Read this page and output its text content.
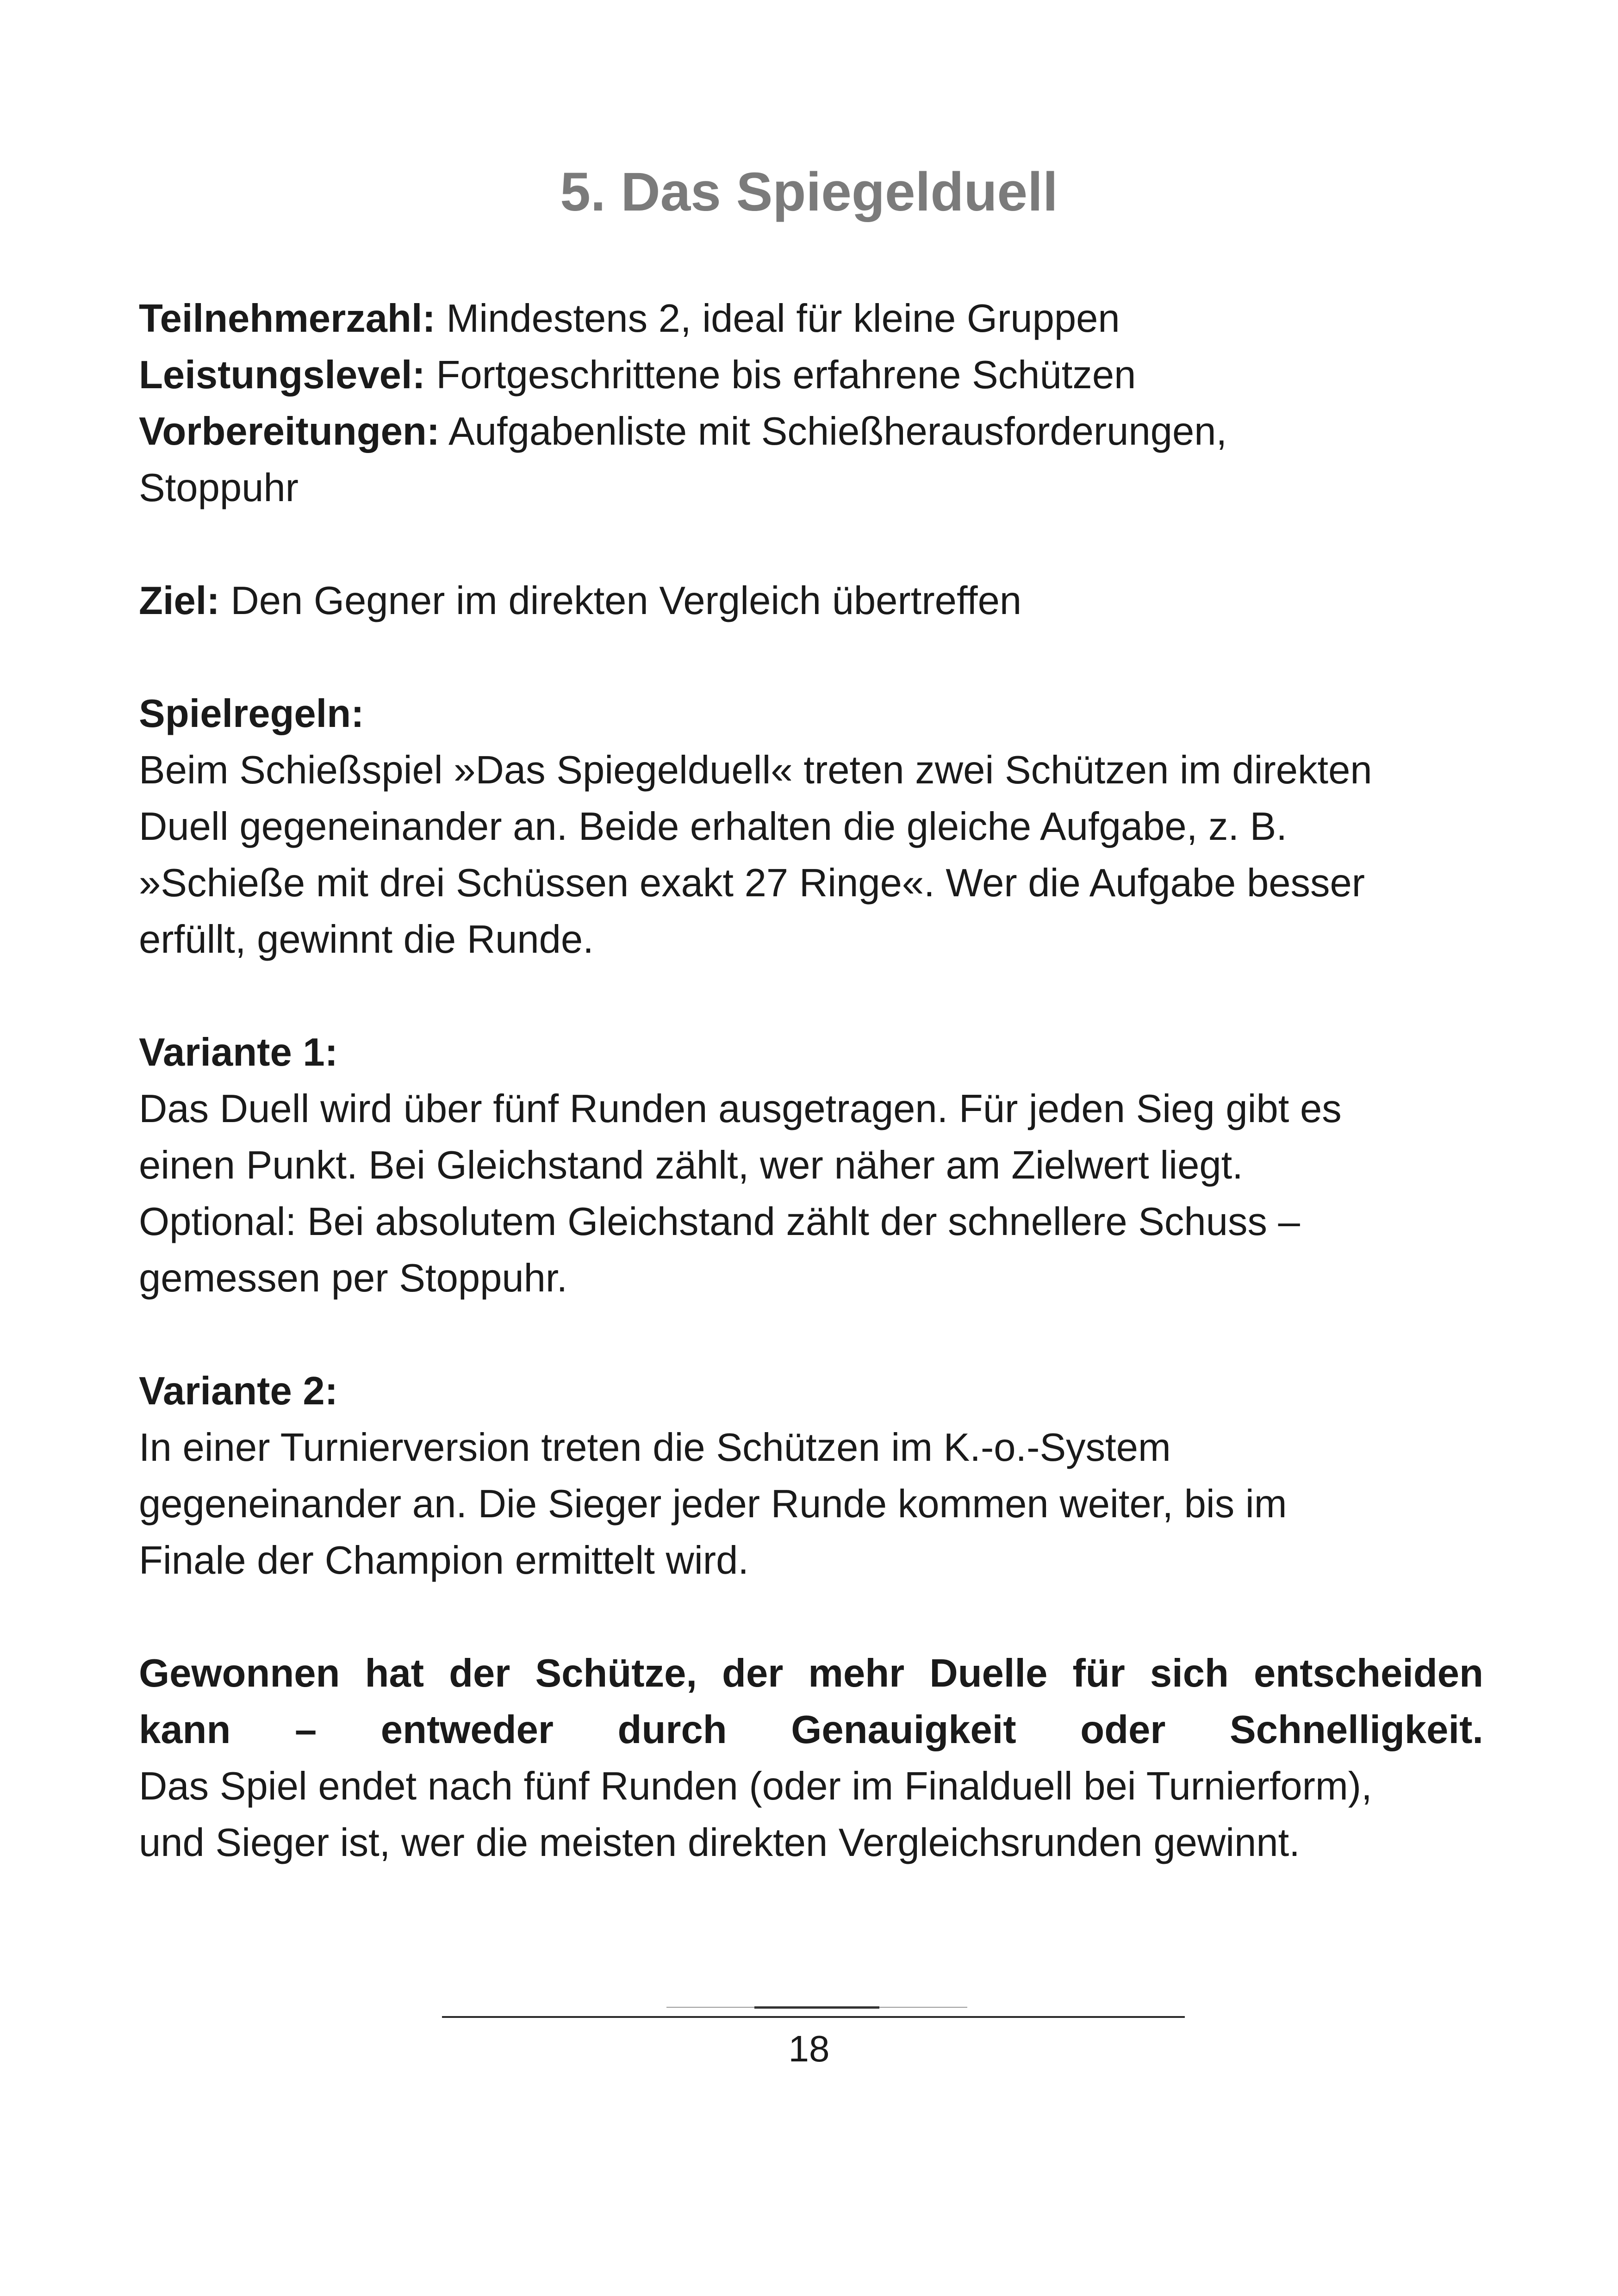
5. Das Spiegelduell

Teilnehmerzahl: Mindestens 2, ideal für kleine Gruppen

Leistungslevel: Fortgeschrittene bis erfahrene Schützen

Vorbereitungen: Aufgabenliste mit Schießherausforderungen,

Stoppuhr

Ziel: Den Gegner im direkten Vergleich übertreffen

Spielregeln:

Beim Schießspiel »Das Spiegelduell« treten zwei Schützen im direkten

Duell gegeneinander an. Beide erhalten die gleiche Aufgabe, z. B.

»Schieße mit drei Schüssen exakt 27 Ringe«. Wer die Aufgabe besser

erfüllt, gewinnt die Runde.

Variante 1:

Das Duell wird über fünf Runden ausgetragen. Für jeden Sieg gibt es

einen Punkt. Bei Gleichstand zählt, wer näher am Zielwert liegt.

Optional: Bei absolutem Gleichstand zählt der schnellere Schuss –

gemessen per Stoppuhr.

Variante 2:

In einer Turnierversion treten die Schützen im K.-o.-System

gegeneinander an. Die Sieger jeder Runde kommen weiter, bis im

Finale der Champion ermittelt wird.

Gewonnen hat der Schütze, der mehr Duelle für sich entscheiden

kann – entweder durch Genauigkeit oder Schnelligkeit.

Das Spiel endet nach fünf Runden (oder im Finalduell bei Turnierform),

und Sieger ist, wer die meisten direkten Vergleichsrunden gewinnt.

18
